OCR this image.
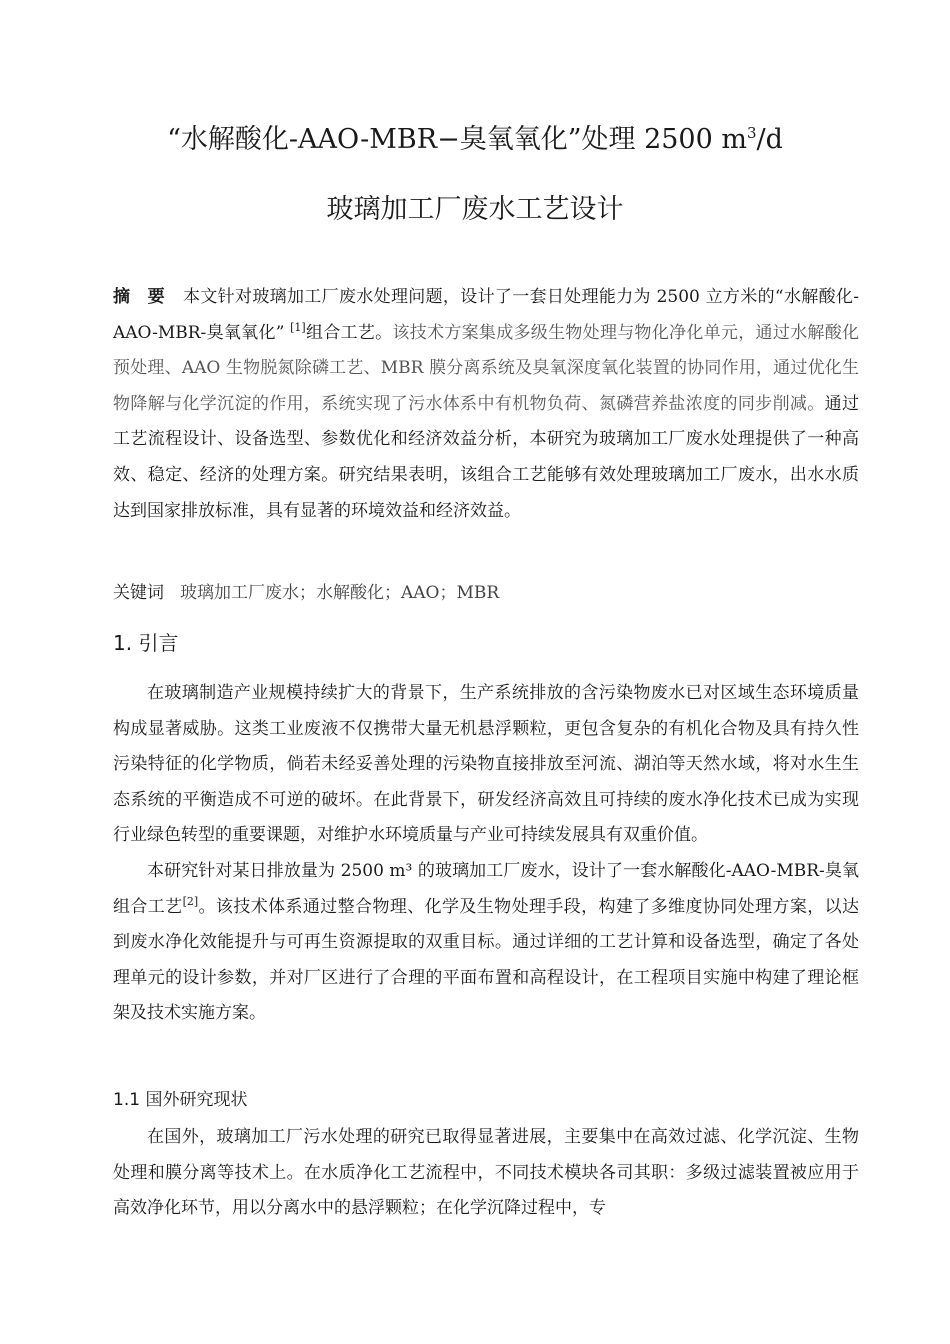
“水解酸化-AAO-MBR−臭氧氧化”处理 2500 $m^3/d$
玻璃加工厂废水工艺设计

摘　要 本文针对玻璃加工厂废水处理问题，设计了一套日处理能力为 2500 立方米的“水解酸化-AAO-MBR-臭氧氧化” [1]组合工艺。该技术方案集成多级生物处理与物化净化单元，通过水解酸化预处理、AAO 生物脱氮除磷工艺、MBR 膜分离系统及臭氧深度氧化装置的协同作用，通过优化生物降解与化学沉淀的作用，系统实现了污水体系中有机物负荷、氮磷营养盐浓度的同步削减。通过工艺流程设计、设备选型、参数优化和经济效益分析，本研究为玻璃加工厂废水处理提供了一种高效、稳定、经济的处理方案。研究结果表明，该组合工艺能够有效处理玻璃加工厂废水，出水水质达到国家排放标准，具有显著的环境效益和经济效益。

关键词 玻璃加工厂废水；水解酸化；AAO；MBR
1. 引言

在玻璃制造产业规模持续扩大的背景下，生产系统排放的含污染物废水已对区域生态环境质量构成显著威胁。这类工业废液不仅携带大量无机悬浮颗粒，更包含复杂的有机化合物及具有持久性污染特征的化学物质，倘若未经妥善处理的污染物直接排放至河流、湖泊等天然水域，将对水生生态系统的平衡造成不可逆的破坏。在此背景下，研发经济高效且可持续的废水净化技术已成为实现行业绿色转型的重要课题，对维护水环境质量与产业可持续发展具有双重价值。

本研究针对某日排放量为 2500 m³ 的玻璃加工厂废水，设计了一套水解酸化-AAO-MBR-臭氧组合工艺[2]。该技术体系通过整合物理、化学及生物处理手段，构建了多维度协同处理方案，以达到废水净化效能提升与可再生资源提取的双重目标。通过详细的工艺计算和设备选型，确定了各处理单元的设计参数，并对厂区进行了合理的平面布置和高程设计，在工程项目实施中构建了理论框架及技术实施方案。

1.1 国外研究现状

在国外，玻璃加工厂污水处理的研究已取得显著进展，主要集中在高效过滤、化学沉淀、生物处理和膜分离等技术上。在水质净化工艺流程中，不同技术模块各司其职：多级过滤装置被应用于高效净化环节，用以分离水中的悬浮颗粒；在化学沉降过程中，专
